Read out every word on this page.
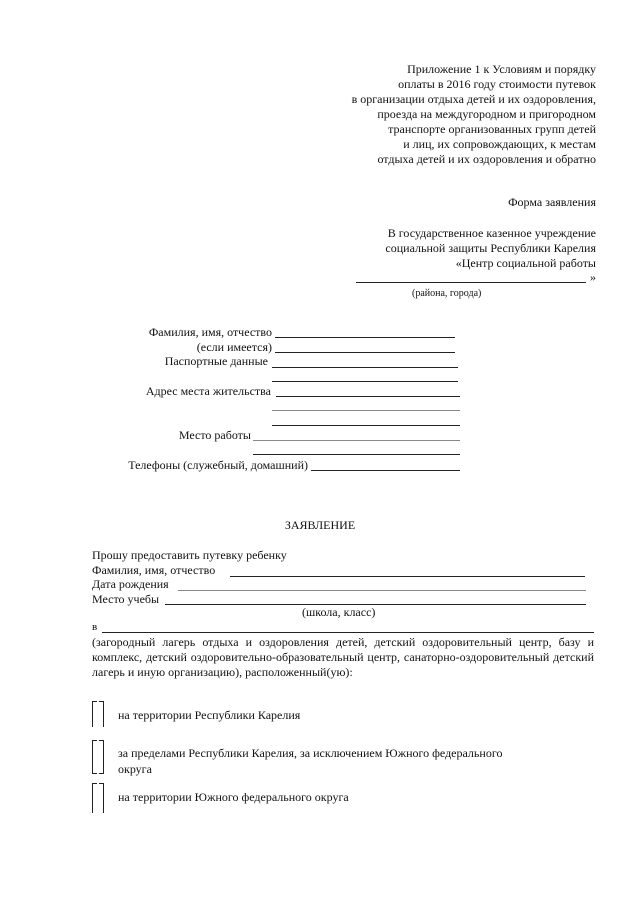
Приложение 1 к Условиям и порядку
оплаты в 2016 году стоимости путевок
в организации отдыха детей и их оздоровления,
проезда на междугородном и пригородном
транспорте организованных групп детей
и лиц, их сопровождающих, к местам
отдыха детей и их оздоровления и обратно
Форма заявления
В государственное казенное учреждение
социальной защиты Республики Карелия
«Центр социальной работы
»
(района, города)
Фамилия, имя, отчество
(если имеется)
Паспортные данные
Адрес места жительства
Место работы
Телефоны (служебный, домашний)
ЗАЯВЛЕНИЕ
Прошу предоставить путевку ребенку
Фамилия, имя, отчество
Дата рождения
Место учебы
(школа, класс)
в
(загородный лагерь отдыха и оздоровления детей, детский оздоровительный центр, базу и комплекс, детский оздоровительно-образовательный центр, санаторно-оздоровительный детский лагерь и иную организацию), расположенный(ую):
на территории Республики Карелия
за пределами Республики Карелия, за исключением Южного федерального
округа
на территории Южного федерального округа
